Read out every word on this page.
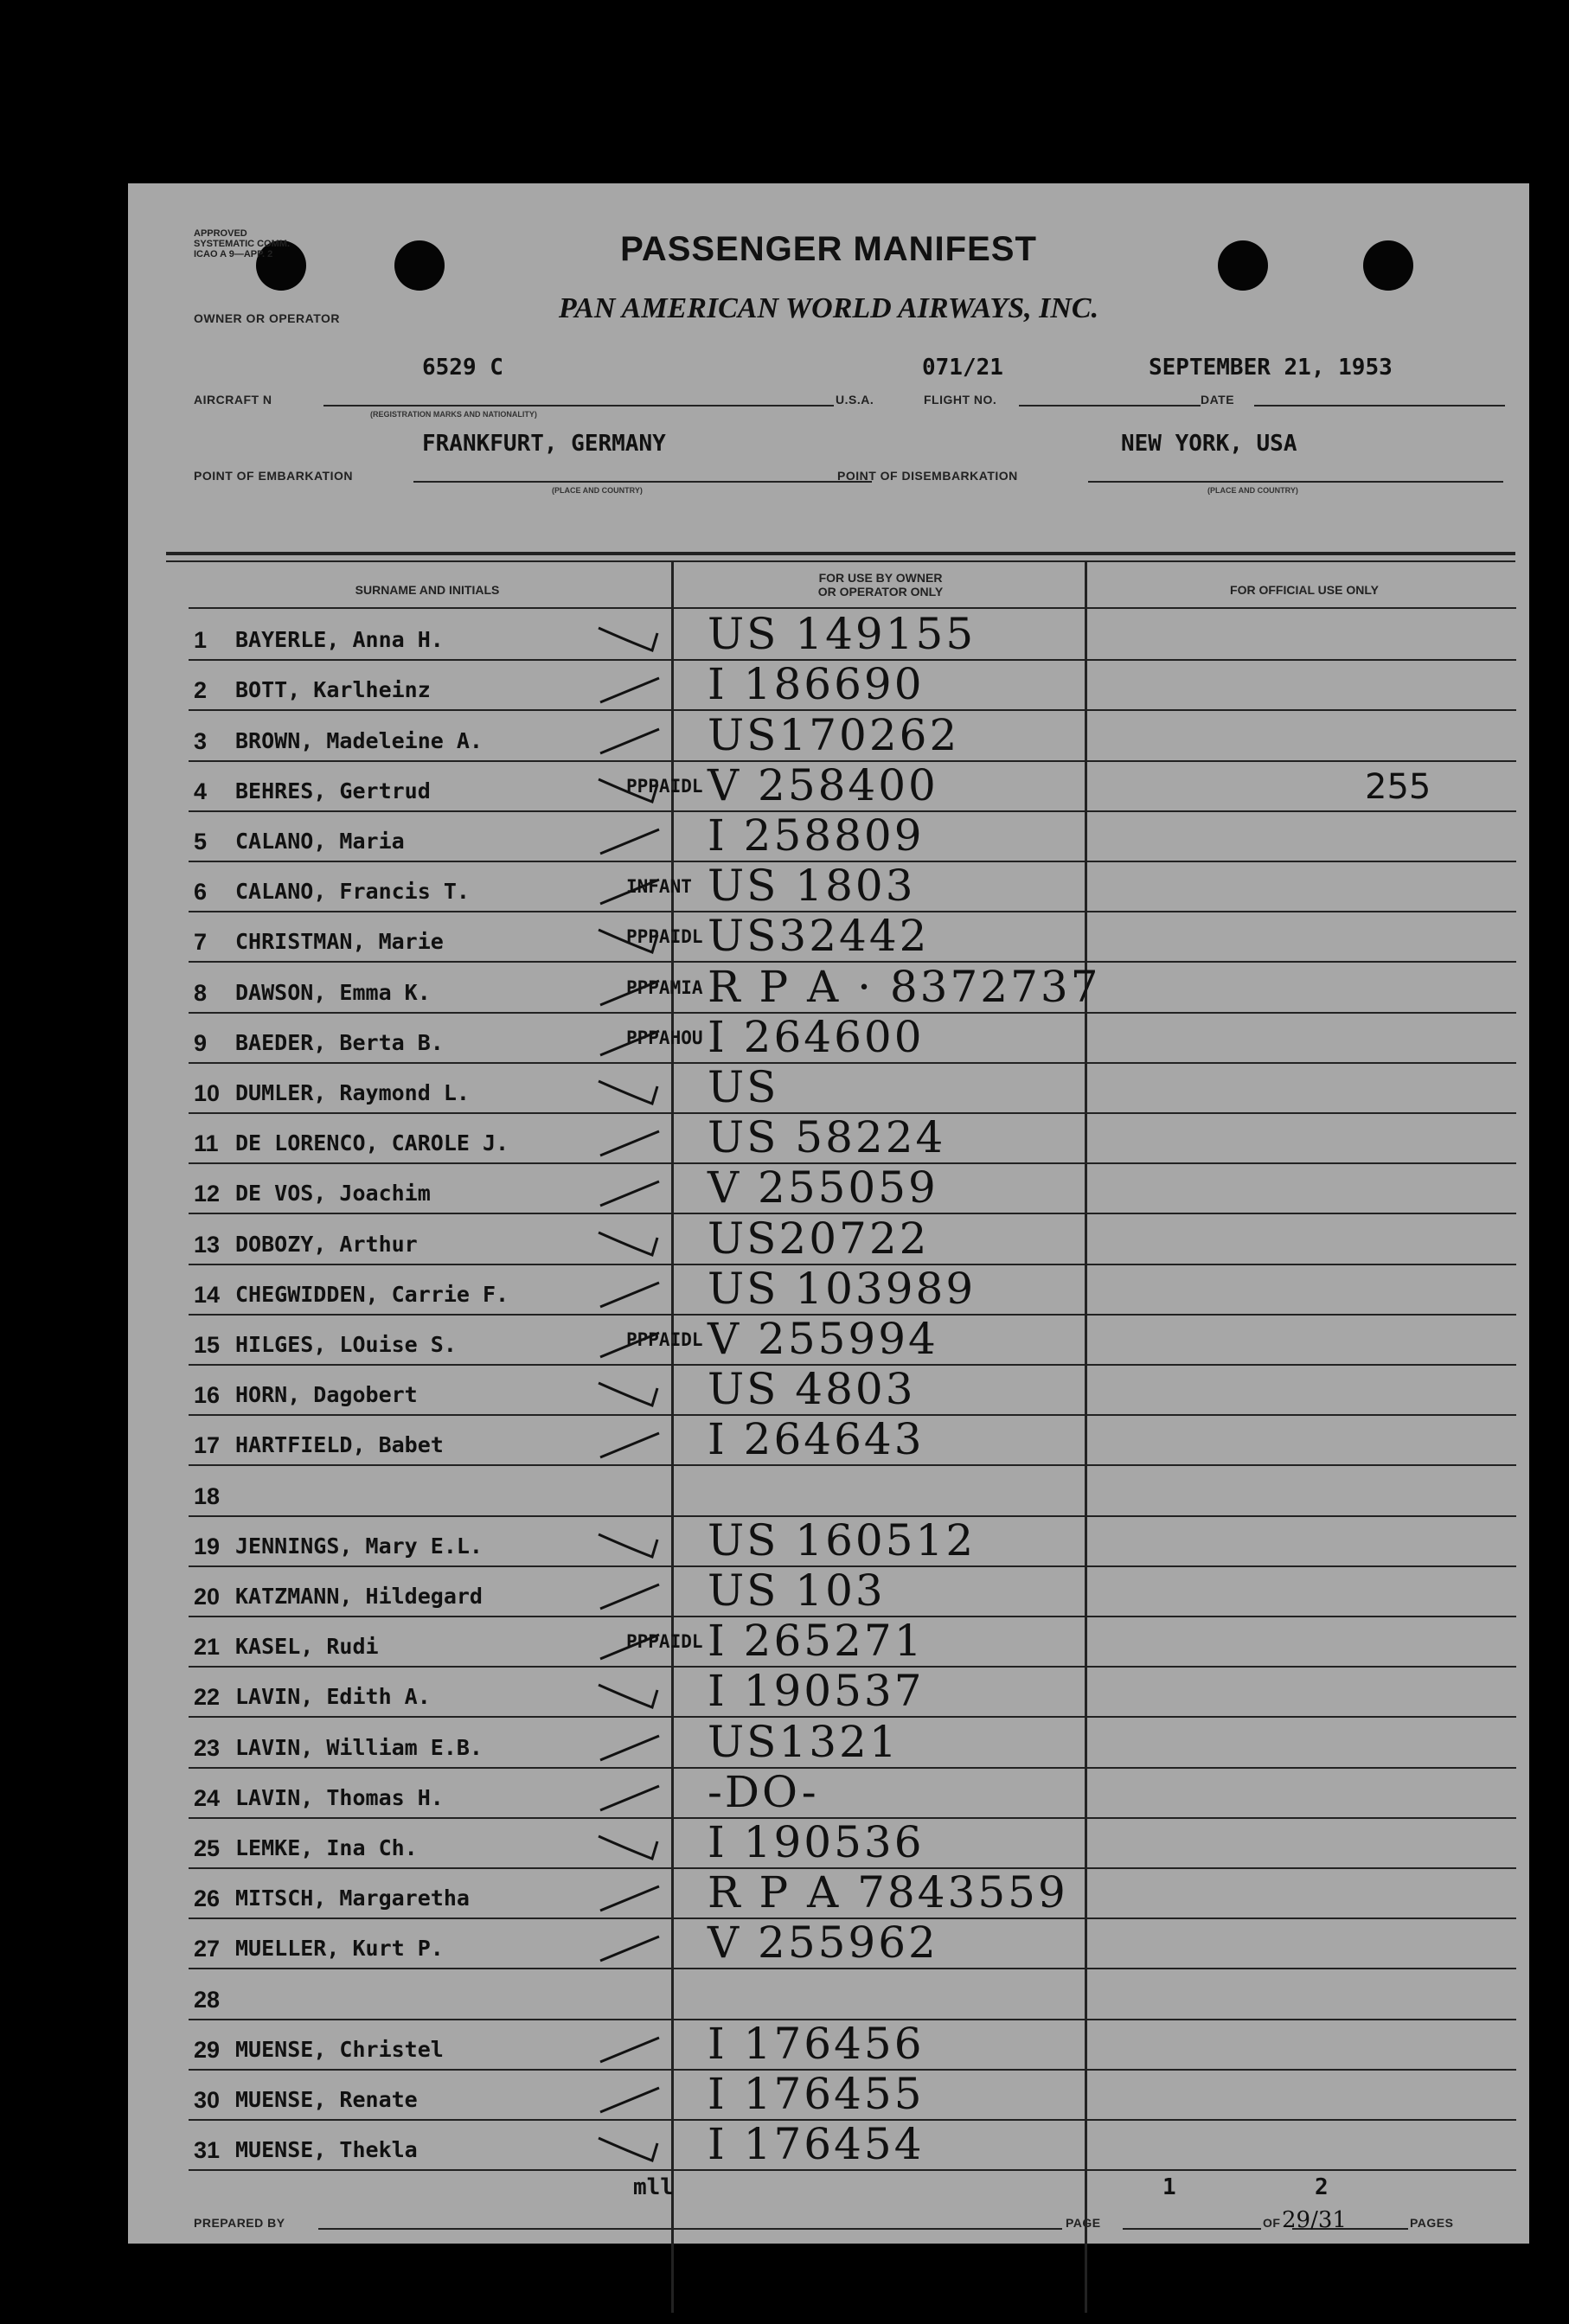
APPROVED
SYSTEMATIC COMM.
ICAO A 9—APP. 2	PASSENGER MANIFEST
PAN AMERICAN WORLD AIRWAYS, INC.
OWNER OR OPERATOR
6529 C	071/21	SEPTEMBER 21, 1953
AIRCRAFT N
(REGISTRATION MARKS AND NATIONALITY)
U.S.A.	FLIGHT NO.	DATE
FRANKFURT, GERMANY	NEW YORK, USA
POINT OF EMBARKATION
(PLACE AND COUNTRY)
POINT OF DISEMBARKATION
(PLACE AND COUNTRY)
SURNAME AND INITIALS
FOR USE BY OWNER
OR OPERATOR ONLY	FOR OFFICIAL USE ONLY
1 BAYERLE, Anna H.	US 149155
2 BOTT, Karlheinz	I 186690
3 BROWN, Madeleine A.	US170262
4 BEHRES, Gertrud	PPPAIDL V 258400	255
5 CALANO, Maria	I 258809
6 CALANO, Francis T.	INFANT US 1803
7 CHRISTMAN, Marie	PPPAIDL US32442
8 DAWSON, Emma K.	PPPAMIA R P A · 8372737
9 BAEDER, Berta B.	PPPAHOU I 264600
10 DUMLER, Raymond L.	US
11 DE LORENCO, CAROLE J.	US 58224
12 DE VOS, Joachim	V 255059
13 DOBOZY, Arthur	US20722
14 CHEGWIDDEN, Carrie F.	US 103989
15 HILGES, LOuise S.	PPPAIDL V 255994
16 HORN, Dagobert	US 4803
17 HARTFIELD, Babet	I 264643
18
19 JENNINGS, Mary E.L.	US 160512
20 KATZMANN, Hildegard	US 103
21 KASEL, Rudi	PPPAIDL I 265271
22 LAVIN, Edith A.	I 190537
23 LAVIN, William E.B.	US1321
24 LAVIN, Thomas H.	-DO-
25 LEMKE, Ina Ch.	I 190536
26 MITSCH, Margaretha	R P A 7843559
27 MUELLER, Kurt P.	V 255962
28
29 MUENSE, Christel	I 176456
30 MUENSE, Renate	I 176455
31 MUENSE, Thekla	I 176454
mll	1	2
PREPARED BY	PAGE	OF	PAGES
29/31
